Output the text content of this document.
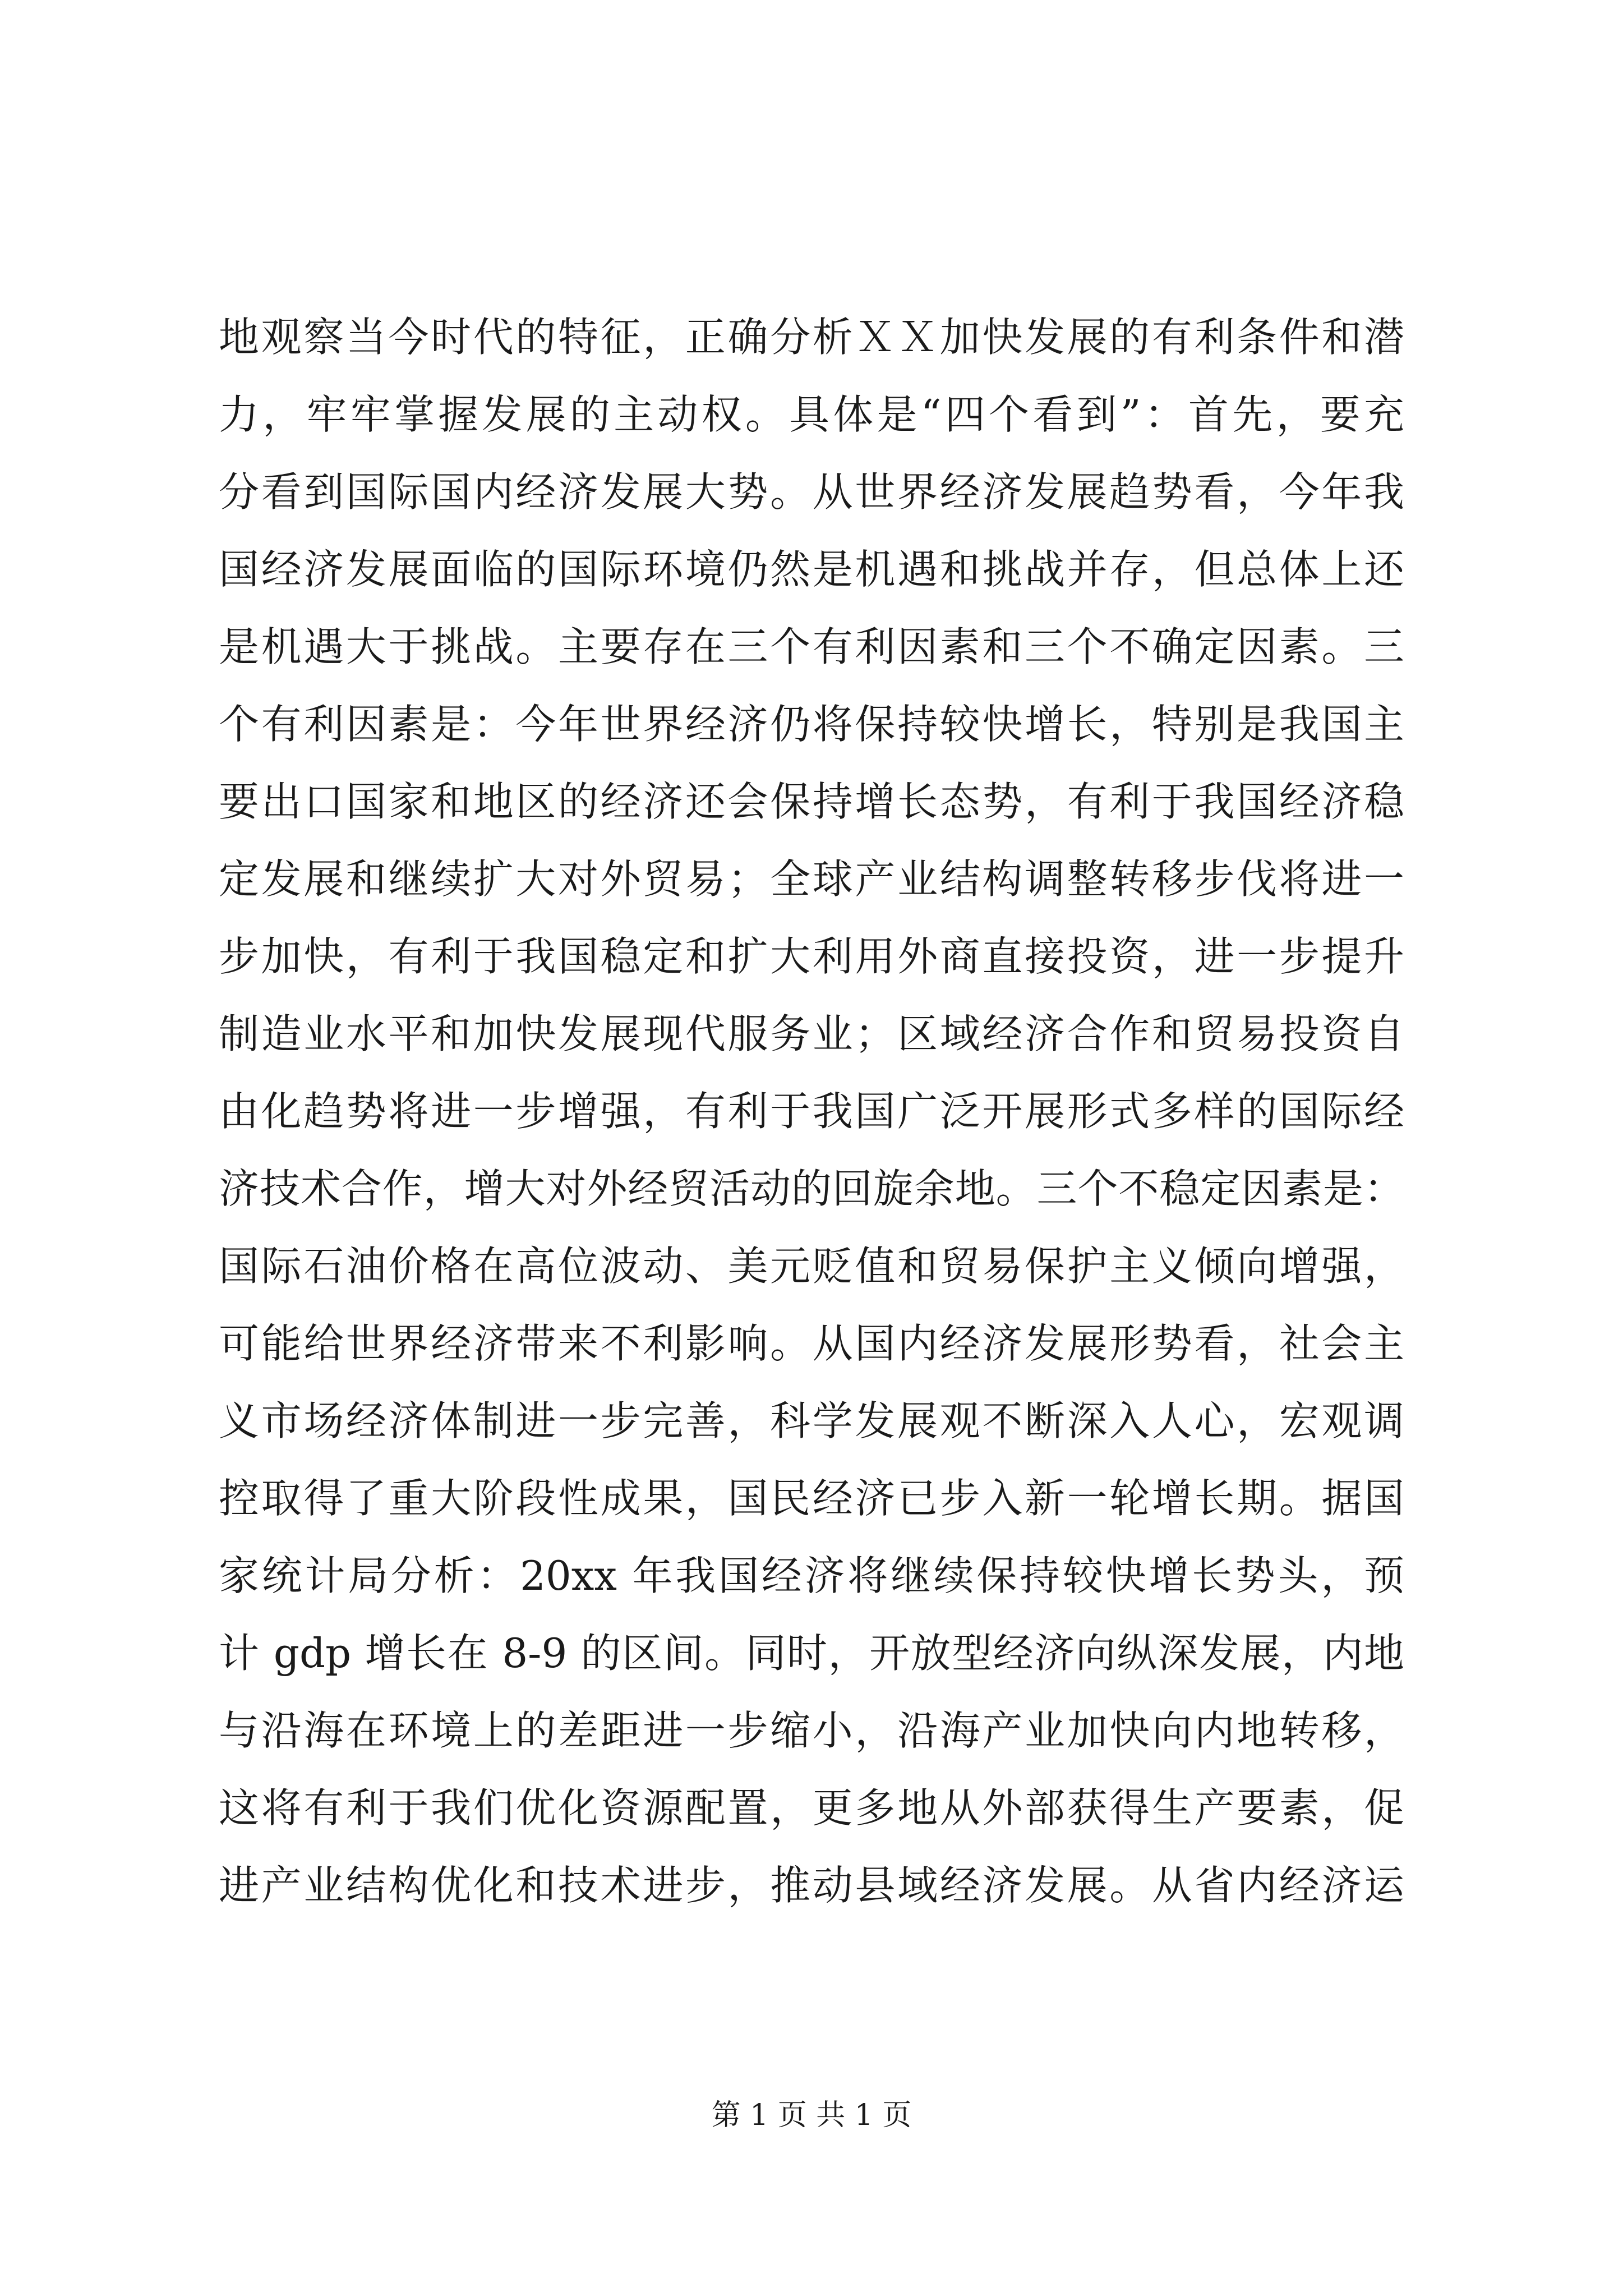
地观察当今时代的特征，正确分析ＸＸ加快发展的有利条件和潜
力，牢牢掌握发展的主动权。具体是“四个看到”：首先，要充
分看到国际国内经济发展大势。从世界经济发展趋势看，今年我
国经济发展面临的国际环境仍然是机遇和挑战并存，但总体上还
是机遇大于挑战。主要存在三个有利因素和三个不确定因素。三
个有利因素是：今年世界经济仍将保持较快增长，特别是我国主
要出口国家和地区的经济还会保持增长态势，有利于我国经济稳
定发展和继续扩大对外贸易；全球产业结构调整转移步伐将进一
步加快，有利于我国稳定和扩大利用外商直接投资，进一步提升
制造业水平和加快发展现代服务业；区域经济合作和贸易投资自
由化趋势将进一步增强，有利于我国广泛开展形式多样的国际经
济技术合作，增大对外经贸活动的回旋余地。三个不稳定因素是：
国际石油价格在高位波动、美元贬值和贸易保护主义倾向增强，
可能给世界经济带来不利影响。从国内经济发展形势看，社会主
义市场经济体制进一步完善，科学发展观不断深入人心，宏观调
控取得了重大阶段性成果，国民经济已步入新一轮增长期。据国
家统计局分析：20xx 年我国经济将继续保持较快增长势头，预
计 gdp 增长在 8-9 的区间。同时，开放型经济向纵深发展，内地
与沿海在环境上的差距进一步缩小，沿海产业加快向内地转移，
这将有利于我们优化资源配置，更多地从外部获得生产要素，促
进产业结构优化和技术进步，推动县域经济发展。从省内经济运
第 1 页 共 1 页
